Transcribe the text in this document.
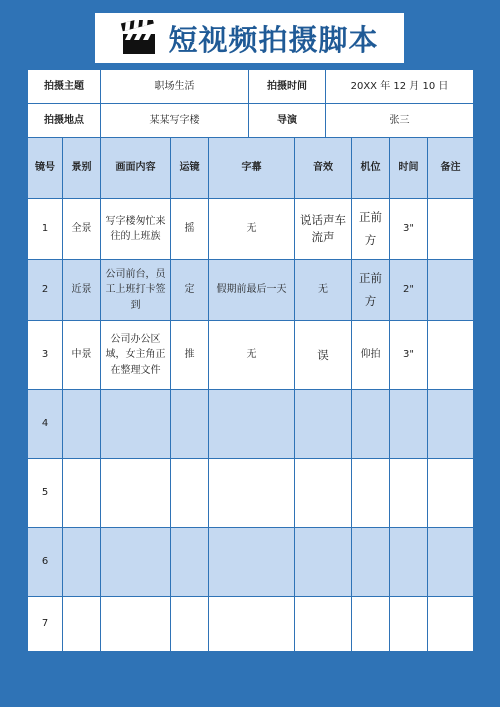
短视频拍摄脚本
拍摄主题	职场生活	拍摄时间	20XX 年 12 月 10 日
拍摄地点	某某写字楼	导演	张三
镜号	景别	画面内容	运镜	字幕	音效	机位	时间	备注
1	全景	写字楼匆忙来往的上班族	摇	无	说话声车流声	正前方	3"	
2	近景	公司前台，员工上班打卡签到	定	假期前最后一天	无	正前方	2"	
3	中景	公司办公区域，女主角正在整理文件	推	无	误	仰拍	3"	
4								
5								
6								
7								
